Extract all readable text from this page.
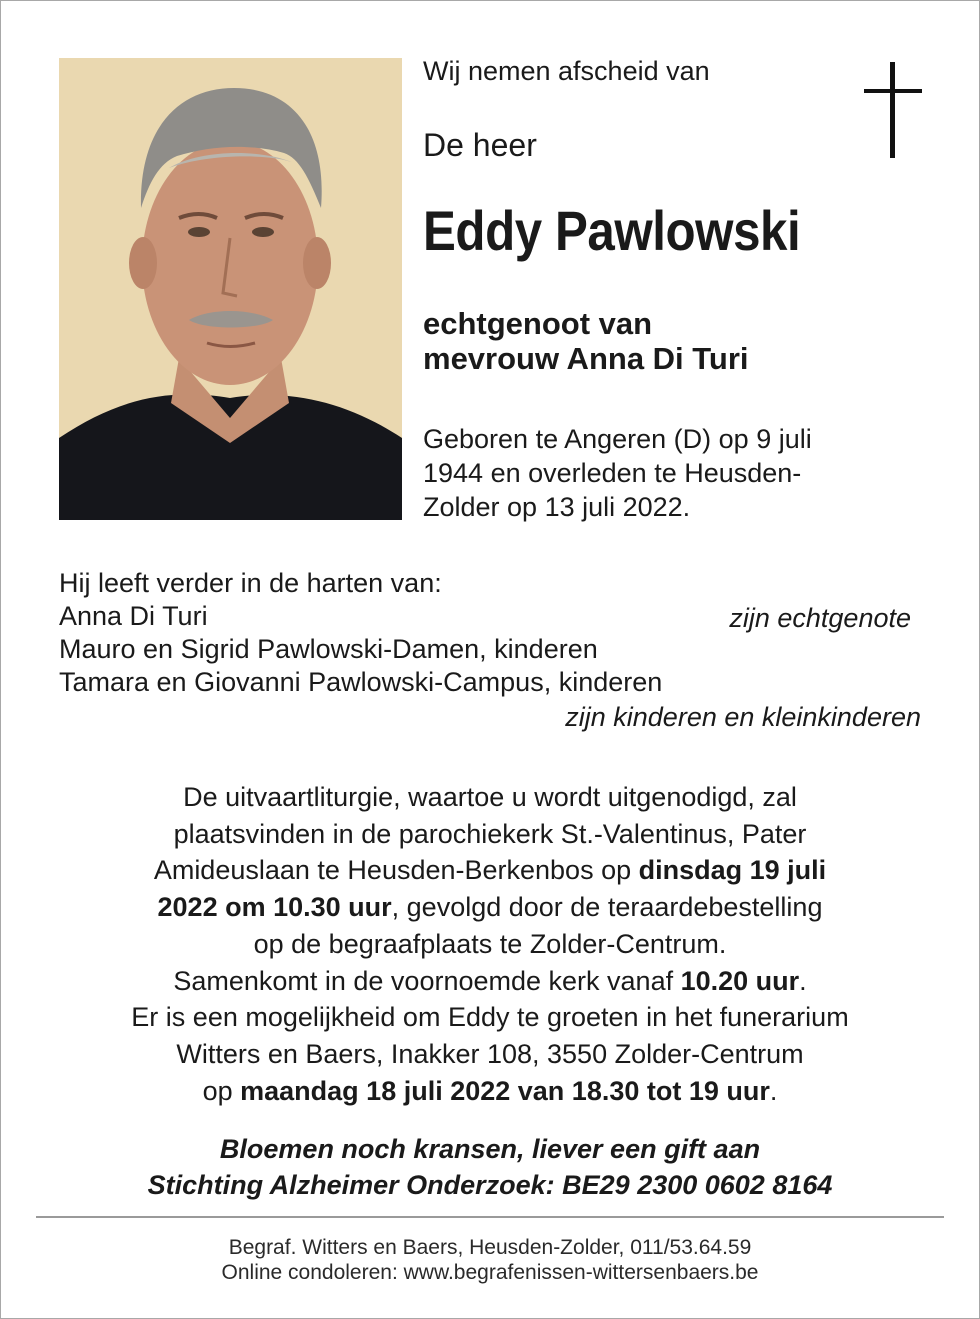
Wij nemen afscheid van
De heer
Eddy Pawlowski
echtgenoot van
mevrouw Anna Di Turi
Geboren te Angeren (D) op 9 juli
1944 en overleden te Heusden-
Zolder op 13 juli 2022.
Hij leeft verder in de harten van:
Anna Di Turi	zijn echtgenote
Mauro en Sigrid Pawlowski-Damen, kinderen
Tamara en Giovanni Pawlowski-Campus, kinderen
zijn kinderen en kleinkinderen
De uitvaartliturgie, waartoe u wordt uitgenodigd, zal
plaatsvinden in de parochiekerk St.-Valentinus, Pater
Amideuslaan te Heusden-Berkenbos op dinsdag 19 juli
2022 om 10.30 uur, gevolgd door de teraardebestelling
op de begraafplaats te Zolder-Centrum.
Samenkomt in de voornoemde kerk vanaf 10.20 uur.
Er is een mogelijkheid om Eddy te groeten in het funerarium
Witters en Baers, Inakker 108, 3550 Zolder-Centrum
op maandag 18 juli 2022 van 18.30 tot 19 uur.
Bloemen noch kransen, liever een gift aan
Stichting Alzheimer Onderzoek: BE29 2300 0602 8164
Begraf. Witters en Baers, Heusden-Zolder, 011/53.64.59
Online condoleren: www.begrafenissen-wittersenbaers.be
